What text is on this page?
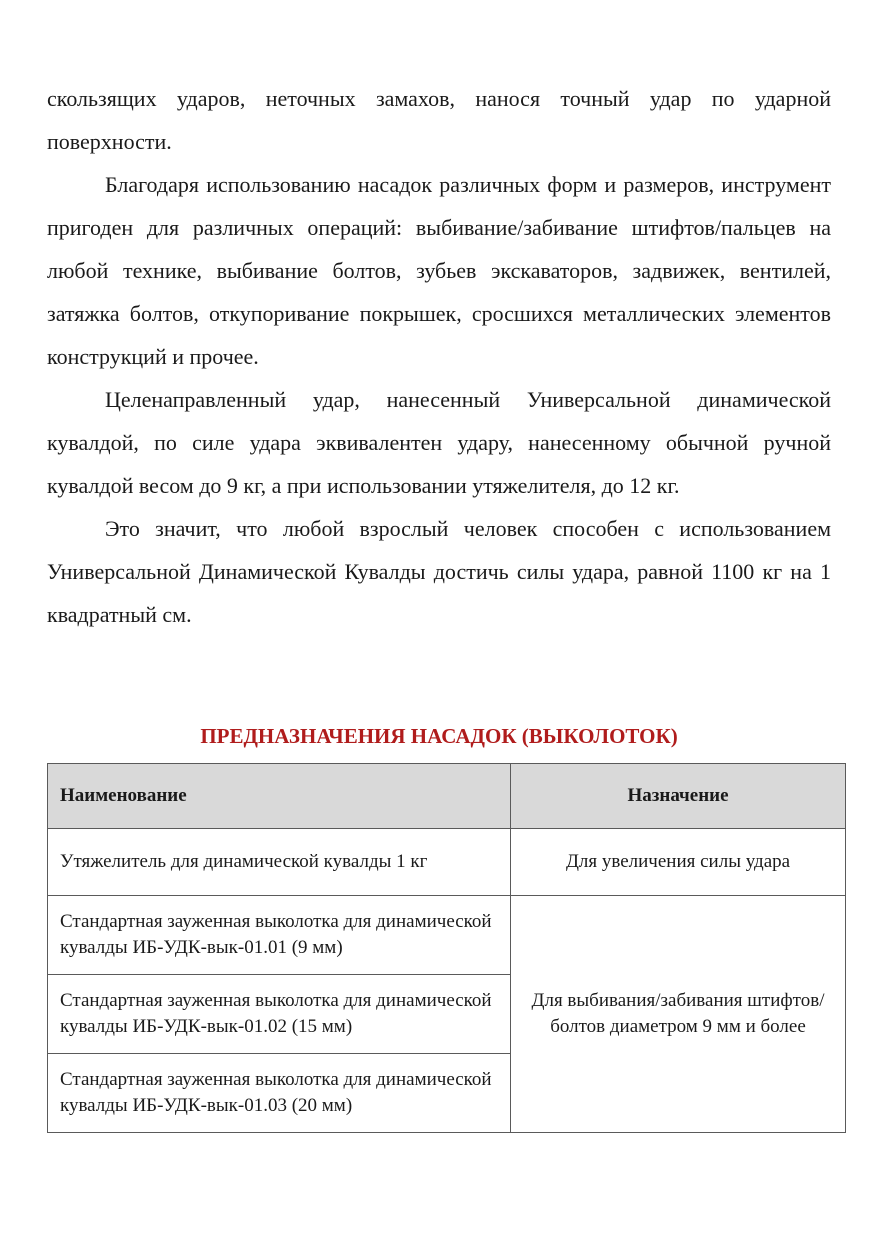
скользящих ударов, неточных замахов, нанося точный удар по ударной поверхности.

Благодаря использованию насадок различных форм и размеров, инструмент пригоден для различных операций: выбивание/забивание штифтов/пальцев на любой технике, выбивание болтов, зубьев экскаваторов, задвижек, вентилей, затяжка болтов, откупоривание покрышек, сросшихся металлических элементов конструкций и прочее.

Целенаправленный удар, нанесенный Универсальной динамической кувалдой, по силе удара эквивалентен удару, нанесенному обычной ручной кувалдой весом до 9 кг, а при использовании утяжелителя, до 12 кг.

Это значит, что любой взрослый человек способен с использованием Универсальной Динамической Кувалды достичь силы удара, равной 1100 кг на 1 квадратный см.

ПРЕДНАЗНАЧЕНИЯ НАСАДОК (ВЫКОЛОТОК)
Наименование	Назначение
Утяжелитель для динамической кувалды 1 кг	Для увеличения силы удара
Стандартная зауженная выколотка для динамической кувалды ИБ-УДК-вык-01.01 (9 мм)	Для выбивания/забивания штифтов/болтов диаметром 9 мм и более
Стандартная зауженная выколотка для динамической кувалды ИБ-УДК-вык-01.02 (15 мм)	
Стандартная зауженная выколотка для динамической кувалды ИБ-УДК-вык-01.03 (20 мм)	
